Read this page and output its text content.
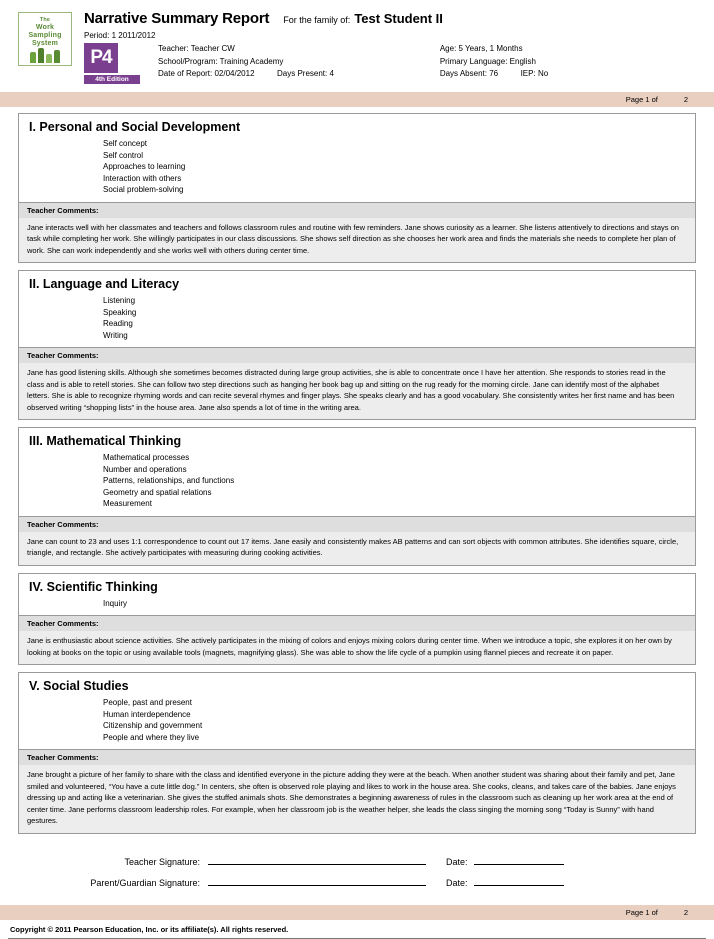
The
Work
Sampling
System
Narrative Summary Report For the family of: Test Student II
Period: 1 2011/2012
P4
4th Edition
Teacher: Teacher CW
School/Program: Training Academy
Date of Report: 02/04/2012	Days Present: 4
Age: 5 Years, 1 Months
Primary Language: English
Days Absent: 76	IEP: No
Page 1 of	2
I. Personal and Social Development
Self concept
Self control
Approaches to learning
Interaction with others
Social problem-solving
Teacher Comments:
Jane interacts well with her classmates and teachers and follows classroom rules and routine with few reminders. Jane shows curiosity as a learner. She listens attentively to directions and stays on task while completing her work. She willingly participates in our class discussions. She shows self direction as she chooses her work area and finds the materials she needs to complete her plan of work. She can work independently and she works well with others during center time.
II. Language and Literacy
Listening
Speaking
Reading
Writing
Teacher Comments:
Jane has good listening skills. Although she sometimes becomes distracted during large group activities, she is able to concentrate once I have her attention. She responds to stories read in the class and is able to retell stories. She can follow two step directions such as hanging her book bag up and sitting on the rug ready for the morning circle. Jane can identify most of the alphabet letters. She is able to recognize rhyming words and can recite several rhymes and finger plays. She speaks clearly and has a good vocabulary. She consistently writes her first name and has been observed writing “shopping lists” in the house area. Jane also spends a lot of time in the writing area.
III. Mathematical Thinking
Mathematical processes
Number and operations
Patterns, relationships, and functions
Geometry and spatial relations
Measurement
Teacher Comments:
Jane can count to 23 and uses 1:1 correspondence to count out 17 items. Jane easily and consistently makes AB patterns and can sort objects with common attributes. She identifies square, circle, triangle, and rectangle. She actively participates with measuring during cooking activities.
IV. Scientific Thinking
Inquiry
Teacher Comments:
Jane is enthusiastic about science activities. She actively participates in the mixing of colors and enjoys mixing colors during center time. When we introduce a topic, she explores it on her own by looking at books on the topic or using available tools (magnets, magnifying glass). She was able to show the life cycle of a pumpkin using flannel pieces and recreate it on paper.
V. Social Studies
People, past and present
Human interdependence
Citizenship and government
People and where they live
Teacher Comments:
Jane brought a picture of her family to share with the class and identified everyone in the picture adding they were at the beach. When another student was sharing about their family and pet, Jane smiled and volunteered, “You have a cute little dog.” In centers, she often is observed role playing and likes to work in the house area. She cooks, cleans, and takes care of the babies. Jane enjoys dressing up and acting like a veterinarian. She gives the stuffed animals shots. She demonstrates a beginning awareness of rules in the classroom such as cleaning up her work area at the end of center time. Jane performs classroom leadership roles. For example, when her classroom job is the weather helper, she leads the class singing the morning song “Today is Sunny” with hand gestures.
Teacher Signature:	Date:
Parent/Guardian Signature:	Date:
Page 1 of	2
Copyright © 2011 Pearson Education, Inc. or its affiliate(s). All rights reserved.
